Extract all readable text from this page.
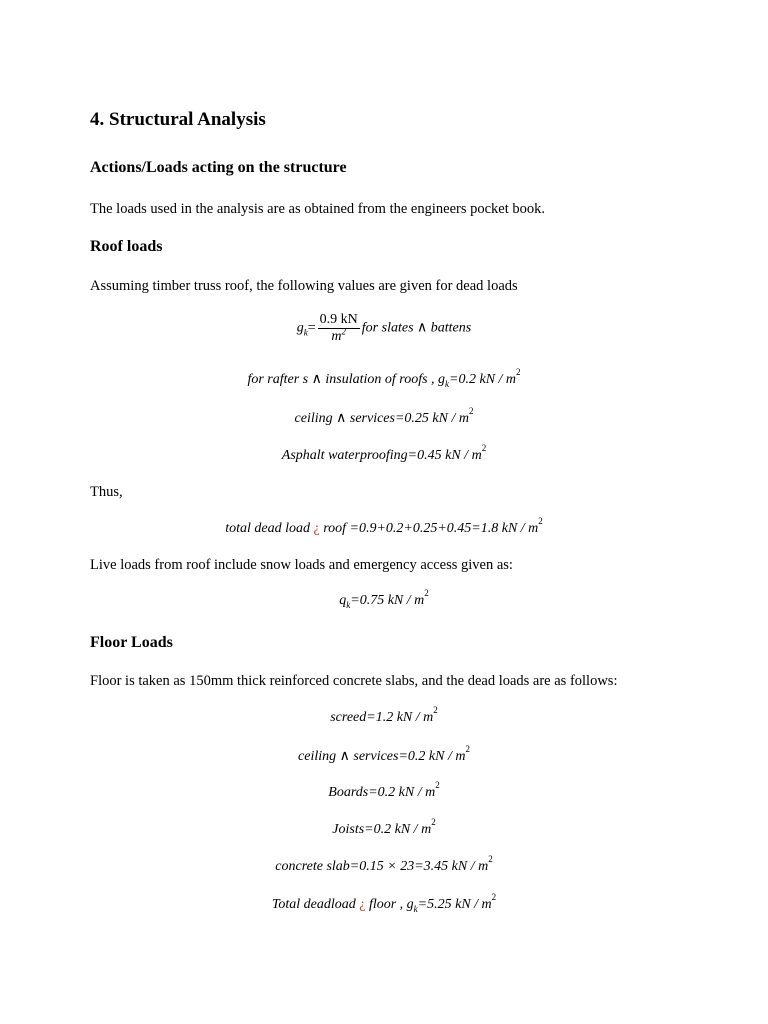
4. Structural Analysis
Actions/Loads acting on the structure
The loads used in the analysis are as obtained from the engineers pocket book.
Roof loads
Assuming timber truss roof, the following values are given for dead loads
$g_k= \frac{0.9 kN}{m^2}$ for slates ∧ battens
for rafter s ∧ insulation of roofs , $g_k=0.2$ kN / $m^2$
ceiling ∧ services=0.25 kN / $m^2$
Asphalt waterproofing=0.45 kN / $m^2$
Thus,
total dead load ¿ roof =0.9+0.2+0.25+0.45=1.8 kN / $m^2$
Live loads from roof include snow loads and emergency access given as:
$q_k=0.75$ kN / $m^2$
Floor Loads
Floor is taken as 150mm thick reinforced concrete slabs, and the dead loads are as follows:
screed=1.2 kN / $m^2$
ceiling ∧ services=0.2 kN / $m^2$
Boards=0.2 kN / $m^2$
Joists=0.2 kN / $m^2$
concrete slab=0.15 × 23=3.45 kN / $m^2$
Total deadload ¿ floor , $g_k=5.25$ kN / $m^2$
